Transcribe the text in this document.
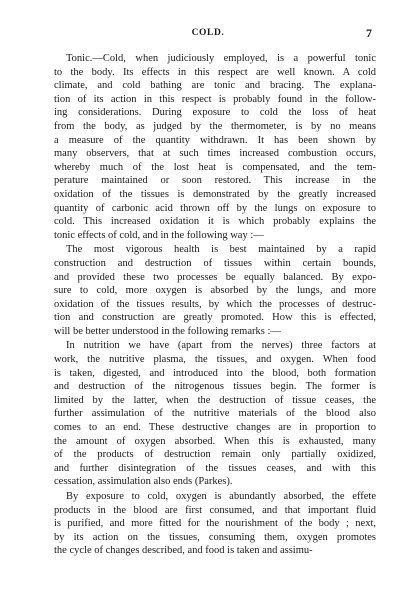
COLD.	7
Tonic.—Cold, when judiciously employed, is a powerful tonic
to the body. Its effects in this respect are well known. A cold
climate, and cold bathing are tonic and bracing. The explana-
tion of its action in this respect is probably found in the follow-
ing considerations. During exposure to cold the loss of heat
from the body, as judged by the thermometer, is by no means
a measure of the quantity withdrawn. It has been shown by
many observers, that at such times increased combustion occurs,
whereby much of the lost heat is compensated, and the tem-
perature maintained or soon restored. This increase in the
oxidation of the tissues is demonstrated by the greatly increased
quantity of carbonic acid thrown off by the lungs on exposure to
cold. This increased oxidation it is which probably explains the
tonic effects of cold, and in the following way :—
The most vigorous health is best maintained by a rapid
construction and destruction of tissues within certain bounds,
and provided these two processes be equally balanced. By expo-
sure to cold, more oxygen is absorbed by the lungs, and more
oxidation of the tissues results, by which the processes of destruc-
tion and construction are greatly promoted. How this is effected,
will be better understood in the following remarks :—
In nutrition we have (apart from the nerves) three factors at
work, the nutritive plasma, the tissues, and oxygen. When food
is taken, digested, and introduced into the blood, both formation
and destruction of the nitrogenous tissues begin. The former is
limited by the latter, when the destruction of tissue ceases, the
further assimulation of the nutritive materials of the blood also
comes to an end. These destructive changes are in proportion to
the amount of oxygen absorbed. When this is exhausted, many
of the products of destruction remain only partially oxidized,
and further disintegration of the tissues ceases, and with this
cessation, assimulation also ends (Parkes).
By exposure to cold, oxygen is abundantly absorbed, the effete
products in the blood are first consumed, and that important fluid
is purified, and more fitted for the nourishment of the body ; next,
by its action on the tissues, consuming them, oxygen promotes
the cycle of changes described, and food is taken and assimu-
